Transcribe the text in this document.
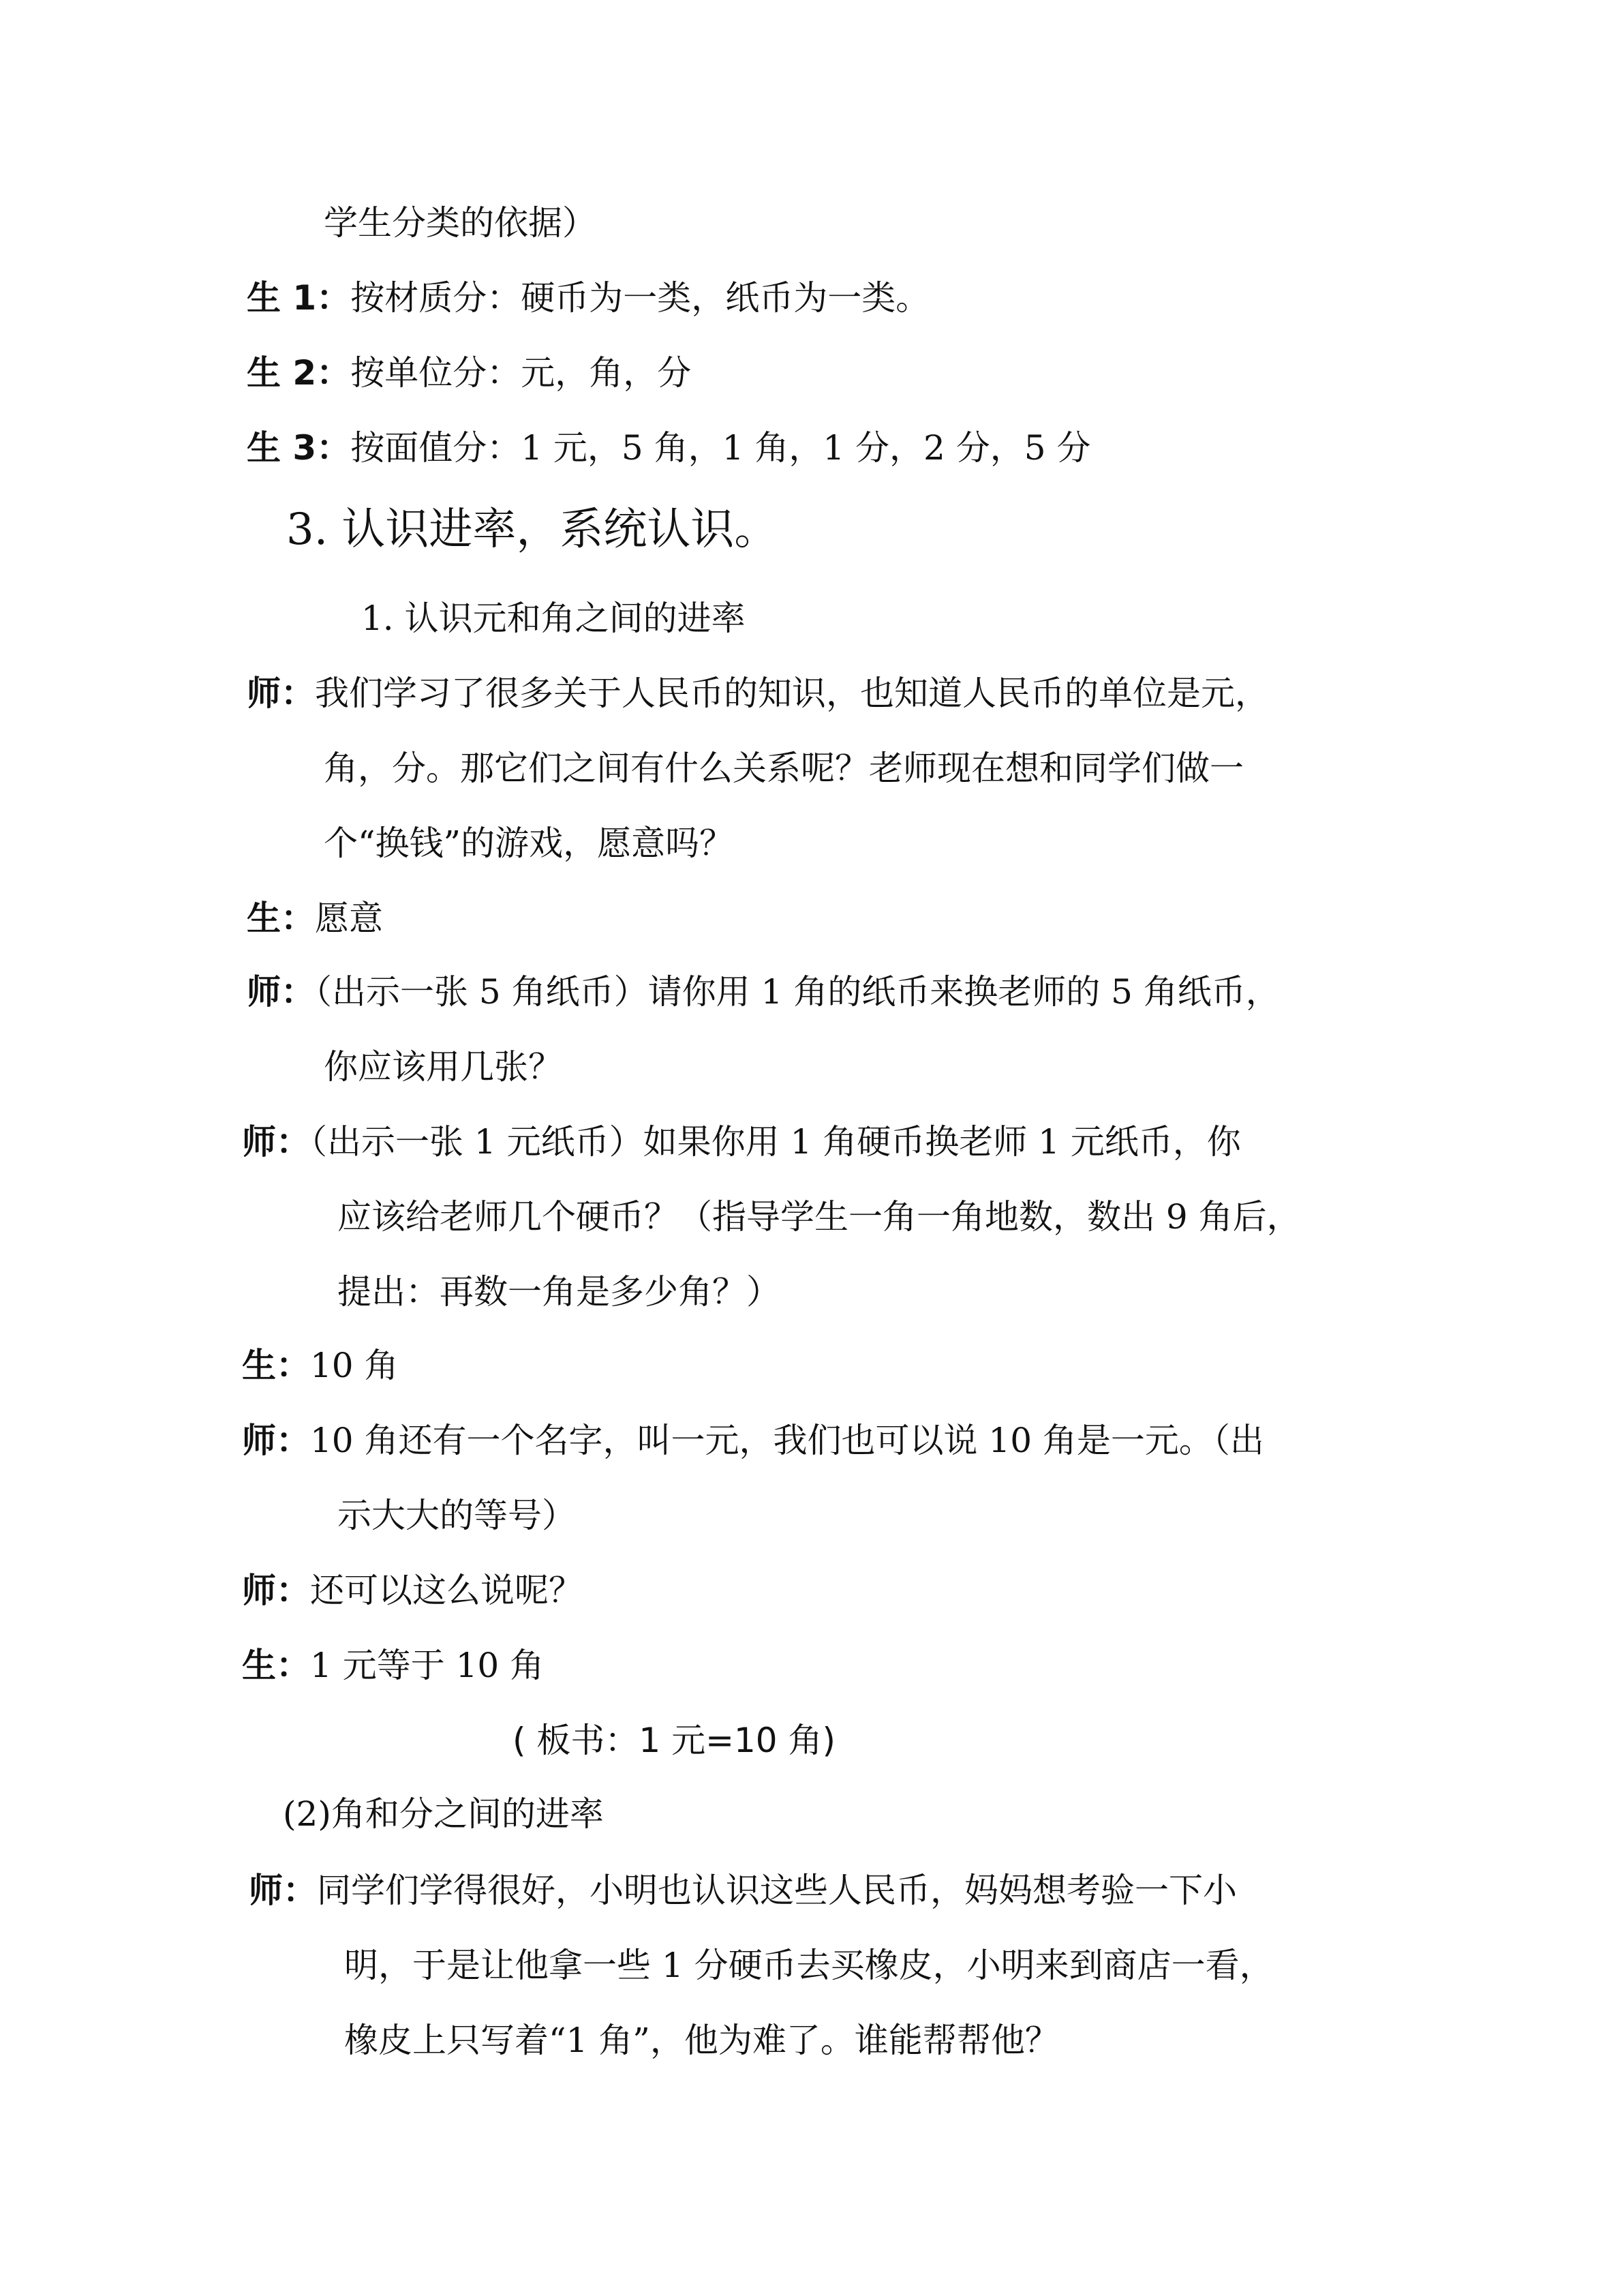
学生分类的依据）
生 1：按材质分：硬币为一类，纸币为一类。
生 2：按单位分：元，角，分
生 3：按面值分：1 元，5 角，1 角，1 分，2 分，5 分
3. 认识进率，系统认识。
1. 认识元和角之间的进率
师：我们学习了很多关于人民币的知识，也知道人民币的单位是元，
角，分。那它们之间有什么关系呢？老师现在想和同学们做一
个“换钱”的游戏，愿意吗？
生：愿意
师：（出示一张 5 角纸币）请你用 1 角的纸币来换老师的 5 角纸币，
你应该用几张？
师：（出示一张 1 元纸币）如果你用 1 角硬币换老师 1 元纸币，你
应该给老师几个硬币？（指导学生一角一角地数，数出 9 角后，
提出：再数一角是多少角？）
生：10 角
师：10 角还有一个名字，叫一元，我们也可以说 10 角是一元。（出
示大大的等号）
师：还可以这么说呢？
生：1 元等于 10 角
( 板书：1 元=10 角)
(2)角和分之间的进率
师：同学们学得很好，小明也认识这些人民币，妈妈想考验一下小
明，于是让他拿一些 1 分硬币去买橡皮，小明来到商店一看，
橡皮上只写着“1 角”，他为难了。谁能帮帮他？
